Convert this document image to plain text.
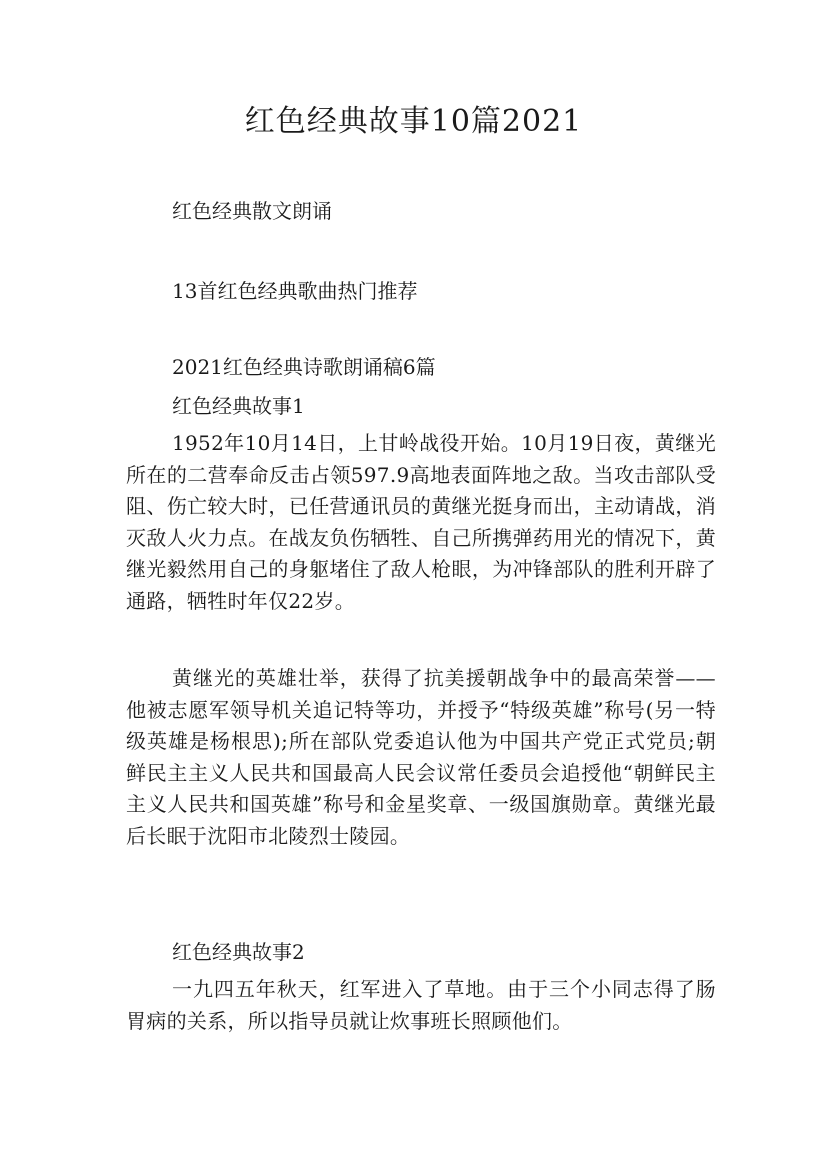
红色经典故事10篇2021

红色经典散文朗诵

13首红色经典歌曲热门推荐

2021红色经典诗歌朗诵稿6篇

红色经典故事1

1952年10月14日，上甘岭战役开始。10月19日夜，黄继光所在的二营奉命反击占领597.9高地表面阵地之敌。当攻击部队受阻、伤亡较大时，已任营通讯员的黄继光挺身而出，主动请战，消灭敌人火力点。在战友负伤牺牲、自己所携弹药用光的情况下，黄继光毅然用自己的身躯堵住了敌人枪眼，为冲锋部队的胜利开辟了通路，牺牲时年仅22岁。

黄继光的英雄壮举，获得了抗美援朝战争中的最高荣誉——他被志愿军领导机关追记特等功，并授予“特级英雄”称号(另一特级英雄是杨根思);所在部队党委追认他为中国共产党正式党员;朝鲜民主主义人民共和国最高人民会议常任委员会追授他“朝鲜民主主义人民共和国英雄”称号和金星奖章、一级国旗勋章。黄继光最后长眠于沈阳市北陵烈士陵园。

红色经典故事2

一九四五年秋天，红军进入了草地。由于三个小同志得了肠胃病的关系，所以指导员就让炊事班长照顾他们。
